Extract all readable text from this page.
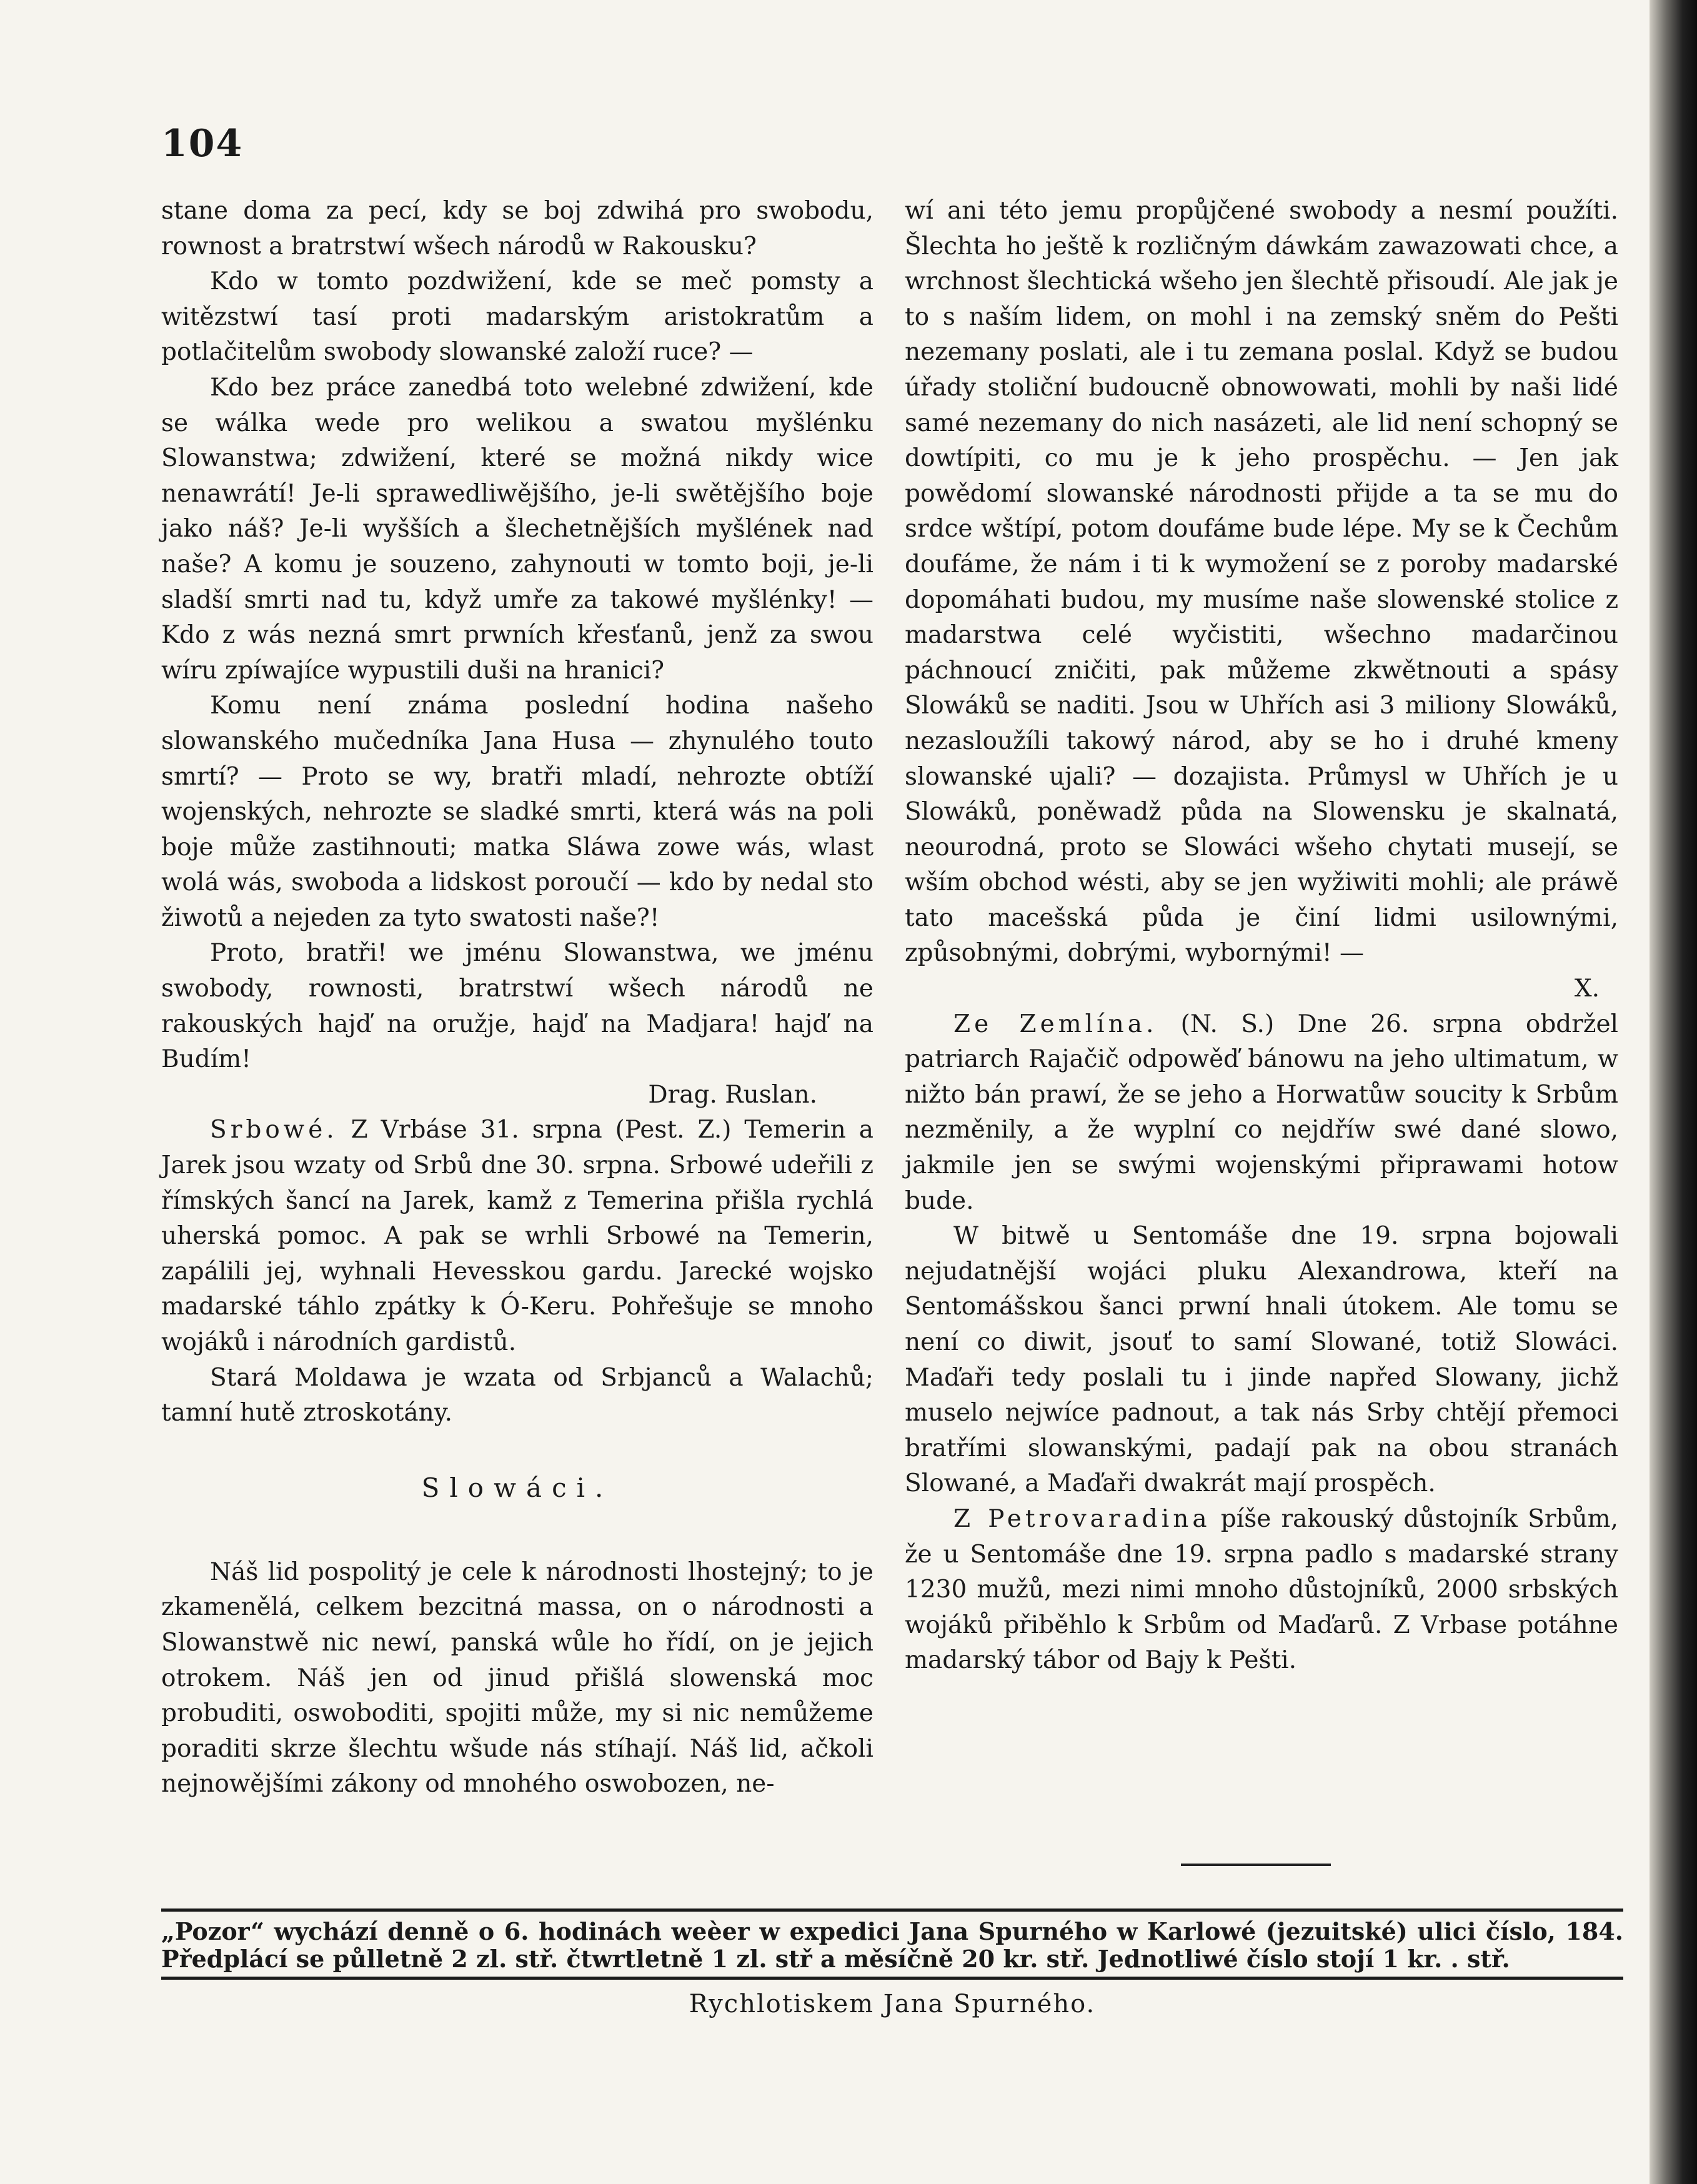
104

stane doma za pecí, kdy se boj zdwihá pro swobodu, rownost a bratrstwí wšech národů w Rakousku?

Kdo w tomto pozdwižení, kde se meč pomsty a witězstwí tasí proti madarským aristokratům a potlačitelům swobody slowanské založí ruce? —

Kdo bez práce zanedbá toto welebné zdwižení, kde se wálka wede pro welikou a swatou myšlénku Slowanstwa; zdwižení, které se možná nikdy wice nenawrátí! Je-li sprawedliwějšího, je-li swětějšího boje jako náš? Je-li wyšších a šlechetnějších myšlének nad naše? A komu je souzeno, zahynouti w tomto boji, je-li sladší smrti nad tu, když umře za takowé myšlénky! — Kdo z wás nezná smrt prwních křesťanů, jenž za swou wíru zpíwajíce wypustili duši na hranici?

Komu není známa poslední hodina našeho slowanského mučedníka Jana Husa — zhynulého touto smrtí? — Proto se wy, bratři mladí, nehrozte obtíží wojenských, nehrozte se sladké smrti, která wás na poli boje může zastihnouti; matka Sláwa zowe wás, wlast wolá wás, swoboda a lidskost poroučí — kdo by nedal sto žiwotů a nejeden za tyto swatosti naše?!

Proto, bratři! we jménu Slowanstwa, we jménu swobody, rownosti, bratrstwí wšech národů ne rakouských hajď na oružje, hajď na Madjara! hajď na Budím!

Drag. Ruslan.

Srbowé. Z Vrbáse 31. srpna (Pest. Z.) Temerin a Jarek jsou wzaty od Srbů dne 30. srpna. Srbowé udeřili z římských šancí na Jarek, kamž z Temerina přišla rychlá uherská pomoc. A pak se wrhli Srbowé na Temerin, zapálili jej, wyhnali Hevesskou gardu. Jarecké wojsko madarské táhlo zpátky k Ó-Keru. Pohřešuje se mnoho wojáků i národních gardistů.

Stará Moldawa je wzata od Srbjanců a Walachů; tamní hutě ztroskotány.

Slowáci.

Náš lid pospolitý je cele k národnosti lhostejný; to je zkamenělá, celkem bezcitná massa, on o národnosti a Slowanstwě nic newí, panská wůle ho řídí, on je jejich otrokem. Náš jen od jinud přišlá slowenská moc probuditi, oswoboditi, spojiti může, my si nic nemůžeme poraditi skrze šlechtu wšude nás stíhají. Náš lid, ačkoli nejnowějšími zákony od mnohého oswobozen, ne-

wí ani této jemu propůjčené swobody a nesmí použíti. Šlechta ho ještě k rozličným dáwkám zawazowati chce, a wrchnost šlechtická wšeho jen šlechtě přisoudí. Ale jak je to s naším lidem, on mohl i na zemský sněm do Pešti nezemany poslati, ale i tu zemana poslal. Když se budou úřady stoliční budoucně obnowowati, mohli by naši lidé samé nezemany do nich nasázeti, ale lid není schopný se dowtípiti, co mu je k jeho prospěchu. — Jen jak powědomí slowanské národnosti přijde a ta se mu do srdce wštípí, potom doufáme bude lépe. My se k Čechům doufáme, že nám i ti k wymožení se z poroby madarské dopomáhati budou, my musíme naše slowenské stolice z madarstwa celé wyčistiti, wšechno madarčinou páchnoucí zničiti, pak můžeme zkwětnouti a spásy Slowáků se naditi. Jsou w Uhřích asi 3 miliony Slowáků, nezasloužíli takowý národ, aby se ho i druhé kmeny slowanské ujali? — dozajista. Průmysl w Uhřích je u Slowáků, poněwadž půda na Slowensku je skalnatá, neourodná, proto se Slowáci wšeho chytati musejí, se wším obchod wésti, aby se jen wyžiwiti mohli; ale práwě tato macešská půda je činí lidmi usilownými, způsobnými, dobrými, wybornými! —

X.

Ze Zemlína. (N. S.) Dne 26. srpna obdržel patriarch Rajačič odpowěď bánowu na jeho ultimatum, w nižto bán prawí, že se jeho a Horwatůw soucity k Srbům nezměnily, a že wyplní co nejdříw swé dané slowo, jakmile jen se swými wojenskými připrawami hotow bude.

W bitwě u Sentomáše dne 19. srpna bojowali nejudatnější wojáci pluku Alexandrowa, kteří na Sentomášskou šanci prwní hnali útokem. Ale tomu se není co diwit, jsouť to samí Slowané, totiž Slowáci. Maďaři tedy poslali tu i jinde napřed Slowany, jichž muselo nejwíce padnout, a tak nás Srby chtějí přemoci bratřími slowanskými, padají pak na obou stranách Slowané, a Maďaři dwakrát mají prospěch.

Z Petrovaradina píše rakouský důstojník Srbům, že u Sentomáše dne 19. srpna padlo s madarské strany 1230 mužů, mezi nimi mnoho důstojníků, 2000 srbských wojáků přiběhlo k Srbům od Maďarů. Z Vrbase potáhne madarský tábor od Bajy k Pešti.

„Pozor“ wychází denně o 6. hodinách weèer w expedici Jana Spurného w Karlowé (jezuitské) ulici číslo, 184. Předplácí se půlletně 2 zl. stř. čtwrtletně 1 zl. stř a měsíčně 20 kr. stř. Jednotliwé číslo stojí 1 kr. . stř.
Rychlotiskem Jana Spurného.
